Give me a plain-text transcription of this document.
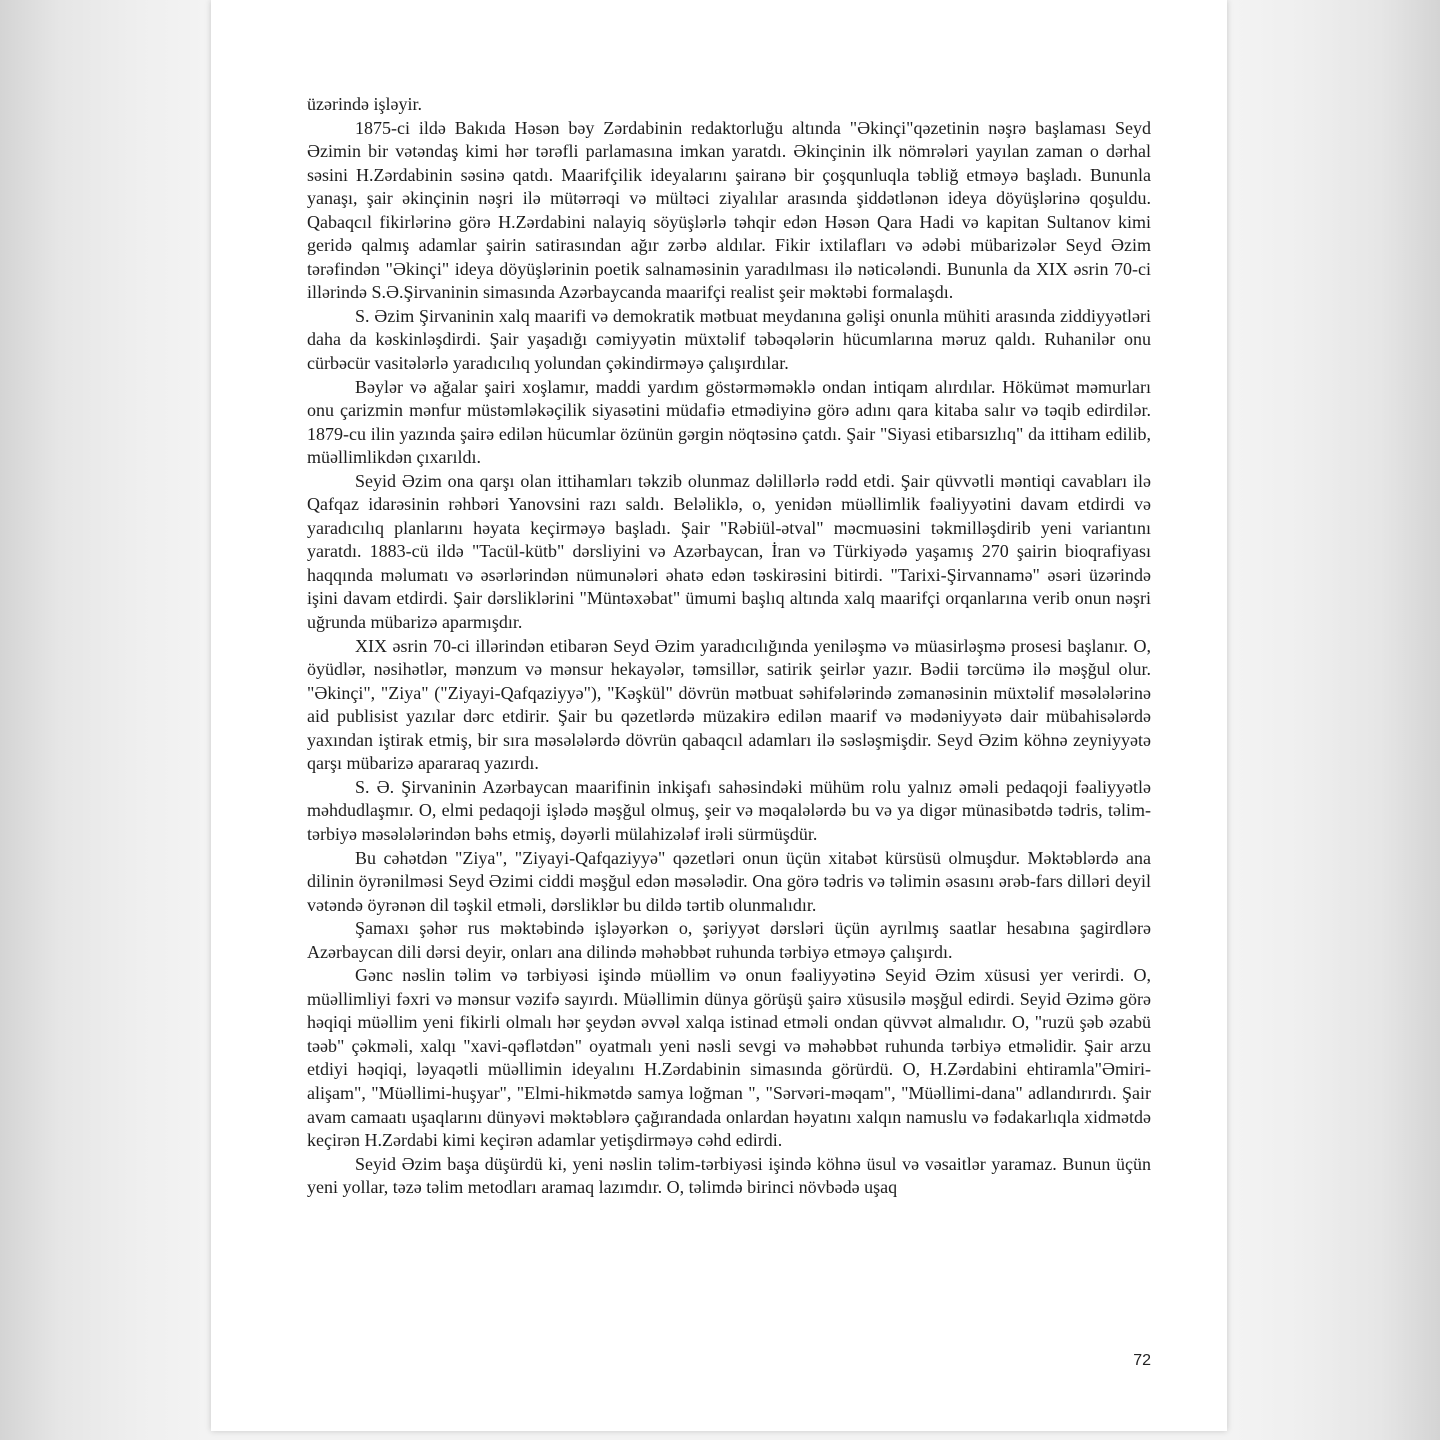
üzərində işləyir.

1875-ci ildə Bakıda Həsən bəy Zərdabinin redaktorluğu altında "Əkinçi"qəzetinin nəşrə başlaması Seyd Əzimin bir vətəndaş kimi hər tərəfli parlamasına imkan yaratdı. Əkinçinin ilk nömrələri yayılan zaman o dərhal səsini H.Zərdabinin səsinə qatdı. Maarifçilik ideyalarını şairanə bir çoşqunluqla təbliğ etməyə başladı. Bununla yanaşı, şair əkinçinin nəşri ilə mütərrəqi və mültəci ziyalılar arasında şiddətlənən ideya döyüşlərinə qoşuldu. Qabaqcıl fikirlərinə görə H.Zərdabini nalayiq söyüşlərlə təhqir edən Həsən Qara Hadi və kapitan Sultanov kimi geridə qalmış adamlar şairin satirasından ağır zərbə aldılar. Fikir ixtilafları və ədəbi mübarizələr Seyd Əzim tərəfindən "Əkinçi" ideya döyüşlərinin poetik salnaməsinin yaradılması ilə nəticələndi. Bununla da XIX əsrin 70-ci illərində S.Ə.Şirvaninin simasında Azərbaycanda maarifçi realist şeir məktəbi formalaşdı.

S. Əzim Şirvaninin xalq maarifi və demokratik mətbuat meydanına gəlişi onunla mühiti arasında ziddiyyətləri daha da kəskinləşdirdi. Şair yaşadığı cəmiyyətin müxtəlif təbəqələrin hücumlarına məruz qaldı. Ruhanilər onu cürbəcür vasitələrlə yaradıcılıq yolundan çəkindirməyə çalışırdılar.

Bəylər və ağalar şairi xoşlamır, maddi yardım göstərməməklə ondan intiqam alırdılar. Hökümət məmurları onu çarizmin mənfur müstəmləkəçilik siyasətini müdafiə etmədiyinə görə adını qara kitaba salır və təqib edirdilər. 1879-cu ilin yazında şairə edilən hücumlar özünün gərgin nöqtəsinə çatdı. Şair "Siyasi etibarsızlıq" da ittiham edilib, müəllimlikdən çıxarıldı.

Seyid Əzim ona qarşı olan ittihamları təkzib olunmaz dəlillərlə rədd etdi. Şair qüvvətli məntiqi cavabları ilə Qafqaz idarəsinin rəhbəri Yanovsini razı saldı. Beləliklə, o, yenidən müəllimlik fəaliyyətini davam etdirdi və yaradıcılıq planlarını həyata keçirməyə başladı. Şair "Rəbiül-ətval" məcmuəsini təkmilləşdirib yeni variantını yaratdı. 1883-cü ildə "Tacül-kütb" dərsliyini və Azərbaycan, İran və Türkiyədə yaşamış 270 şairin bioqrafiyası haqqında məlumatı və əsərlərindən nümunələri əhatə edən təskirəsini bitirdi. "Tarixi-Şirvannamə" əsəri üzərində işini davam etdirdi. Şair dərsliklərini "Müntəxəbat" ümumi başlıq altında xalq maarifçi orqanlarına verib onun nəşri uğrunda mübarizə aparmışdır.

XIX əsrin 70-ci illərindən etibarən Seyd Əzim yaradıcılığında yeniləşmə və müasirləşmə prosesi başlanır. O, öyüdlər, nəsihətlər, mənzum və mənsur hekayələr, təmsillər, satirik şeirlər yazır. Bədii tərcümə ilə məşğul olur. "Əkinçi", "Ziya" ("Ziyayi-Qafqaziyyə"), "Kəşkül" dövrün mətbuat səhifələrində zəmanəsinin müxtəlif məsələlərinə aid publisist yazılar dərc etdirir. Şair bu qəzetlərdə müzakirə edilən maarif və mədəniyyətə dair mübahisələrdə yaxından iştirak etmiş, bir sıra məsələlərdə dövrün qabaqcıl adamları ilə səsləşmişdir. Seyd Əzim köhnə zeyniyyətə qarşı mübarizə apararaq yazırdı.

S. Ə. Şirvaninin Azərbaycan maarifinin inkişafı sahəsindəki mühüm rolu yalnız əməli pedaqoji fəaliyyətlə məhdudlaşmır. O, elmi pedaqoji işlədə məşğul olmuş, şeir və məqalələrdə bu və ya digər münasibətdə tədris, təlim-tərbiyə məsələlərindən bəhs etmiş, dəyərli mülahizələf irəli sürmüşdür.

Bu cəhətdən "Ziya", "Ziyayi-Qafqaziyyə" qəzetləri onun üçün xitabət kürsüsü olmuşdur. Məktəblərdə ana dilinin öyrənilməsi Seyd Əzimi ciddi məşğul edən məsələdir. Ona görə tədris və təlimin əsasını ərəb-fars dilləri deyil vətəndə öyrənən dil təşkil etməli, dərsliklər bu dildə tərtib olunmalıdır.

Şamaxı şəhər rus məktəbində işləyərkən o, şəriyyət dərsləri üçün ayrılmış saatlar hesabına şagirdlərə Azərbaycan dili dərsi deyir, onları ana dilində məhəbbət ruhunda tərbiyə etməyə çalışırdı.

Gənc nəslin təlim və tərbiyəsi işində müəllim və onun fəaliyyətinə Seyid Əzim xüsusi yer verirdi. O, müəllimliyi fəxri və mənsur vəzifə sayırdı. Müəllimin dünya görüşü şairə xüsusilə məşğul edirdi. Seyid Əzimə görə həqiqi müəllim yeni fikirli olmalı hər şeydən əvvəl xalqa istinad etməli ondan qüvvət almalıdır. O, "ruzü şəb əzabü təəb" çəkməli, xalqı "xavi-qəflətdən" oyatmalı yeni nəsli sevgi və məhəbbət ruhunda tərbiyə etməlidir. Şair arzu etdiyi həqiqi, ləyaqətli müəllimin ideyalını H.Zərdabinin simasında görürdü. O, H.Zərdabini ehtiramla"Əmiri-alişam", "Müəllimi-huşyar", "Elmi-hikmətdə samya loğman ", "Sərvəri-məqam", "Müəllimi-dana" adlandırırdı. Şair avam camaatı uşaqlarını dünyəvi məktəblərə çağırandada onlardan həyatını xalqın namuslu və fədakarlıqla xidmətdə keçirən H.Zərdabi kimi keçirən adamlar yetişdirməyə cəhd edirdi.

Seyid Əzim başa düşürdü ki, yeni nəslin təlim-tərbiyəsi işində köhnə üsul və vəsaitlər yaramaz. Bunun üçün yeni yollar, təzə təlim metodları aramaq lazımdır. O, təlimdə birinci növbədə uşaq

72
